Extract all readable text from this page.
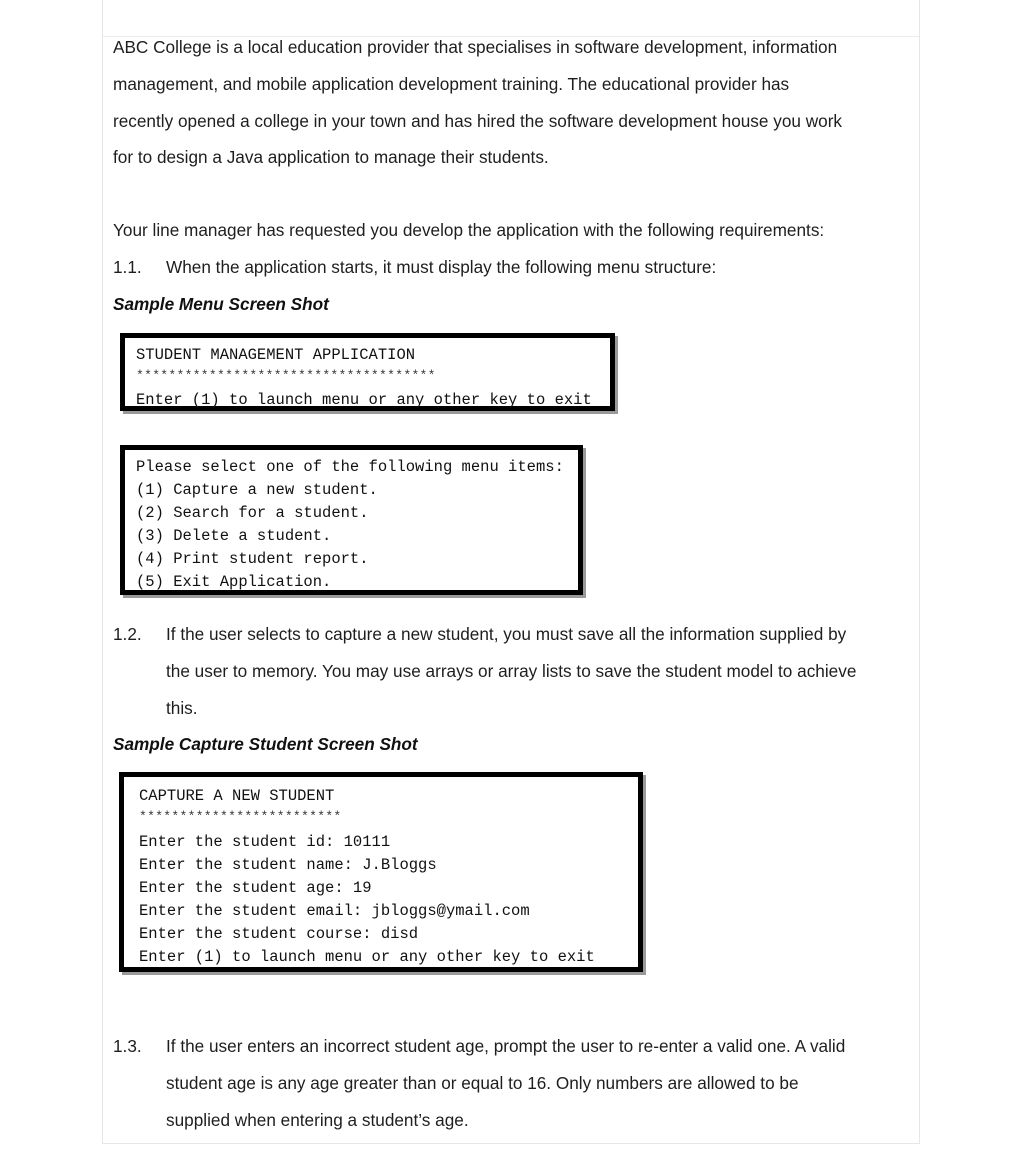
ABC College is a local education provider that specialises in software development, information

management, and mobile application development training. The educational provider has

recently opened a college in your town and has hired the software development house you work

for to design a Java application to manage their students.

Your line manager has requested you develop the application with the following requirements:

1.1. When the application starts, it must display the following menu structure:
Sample Menu Screen Shot
STUDENT MANAGEMENT APPLICATION
*************************************
Enter (1) to launch menu or any other key to exit
Please select one of the following menu items:
(1) Capture a new student.
(2) Search for a student.
(3) Delete a student.
(4) Print student report.
(5) Exit Application.
1.2. If the user selects to capture a new student, you must save all the information supplied by
the user to memory. You may use arrays or array lists to save the student model to achieve
this.
Sample Capture Student Screen Shot
CAPTURE A NEW STUDENT
*************************
Enter the student id: 10111
Enter the student name: J.Bloggs
Enter the student age: 19
Enter the student email: jbloggs@ymail.com
Enter the student course: disd
Enter (1) to launch menu or any other key to exit
1.3. If the user enters an incorrect student age, prompt the user to re-enter a valid one. A valid
student age is any age greater than or equal to 16. Only numbers are allowed to be
supplied when entering a student’s age.
